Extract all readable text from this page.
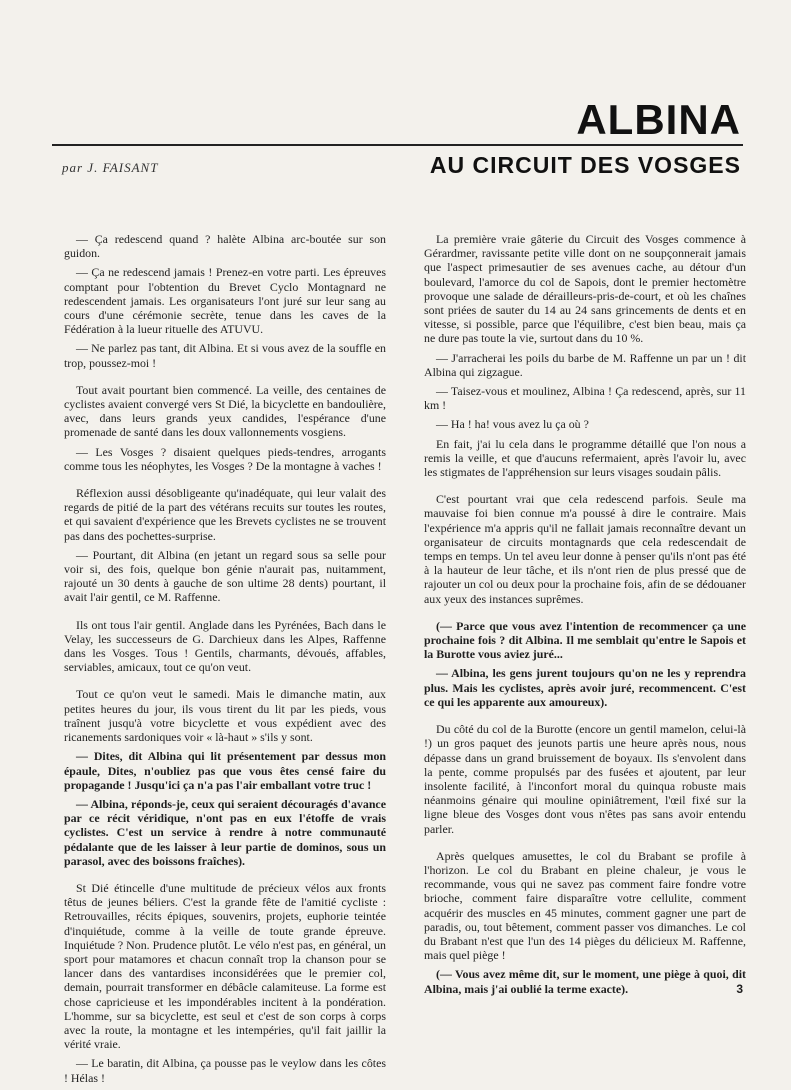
ALBINA
par J. FAISANT	AU CIRCUIT DES VOSGES

— Ça redescend quand ? halète Albina arc-boutée sur son guidon.

— Ça ne redescend jamais ! Prenez-en votre parti. Les épreuves comptant pour l'obtention du Brevet Cyclo Montagnard ne redescendent jamais. Les organisateurs l'ont juré sur leur sang au cours d'une cérémonie secrète, tenue dans les caves de la Fédération à la lueur rituelle des ATUVU.

— Ne parlez pas tant, dit Albina. Et si vous avez de la souffle en trop, poussez-moi !

Tout avait pourtant bien commencé. La veille, des centaines de cyclistes avaient convergé vers St Dié, la bicyclette en bandoulière, avec, dans leurs grands yeux candides, l'espérance d'une promenade de santé dans les doux vallonnements vosgiens.

— Les Vosges ? disaient quelques pieds-tendres, arrogants comme tous les néophytes, les Vosges ? De la montagne à vaches !

Réflexion aussi désobligeante qu'inadéquate, qui leur valait des regards de pitié de la part des vétérans recuits sur toutes les routes, et qui savaient d'expérience que les Brevets cyclistes ne se trouvent pas dans des pochettes-surprise.

— Pourtant, dit Albina (en jetant un regard sous sa selle pour voir si, des fois, quelque bon génie n'aurait pas, nuitamment, rajouté un 30 dents à gauche de son ultime 28 dents) pourtant, il avait l'air gentil, ce M. Raffenne.

Ils ont tous l'air gentil. Anglade dans les Pyrénées, Bach dans le Velay, les successeurs de G. Darchieux dans les Alpes, Raffenne dans les Vosges. Tous ! Gentils, charmants, dévoués, affables, serviables, amicaux, tout ce qu'on veut.

Tout ce qu'on veut le samedi. Mais le dimanche matin, aux petites heures du jour, ils vous tirent du lit par les pieds, vous traînent jusqu'à votre bicyclette et vous expédient avec des ricanements sardoniques voir « là-haut » s'ils y sont.

— Dites, dit Albina qui lit présentement par dessus mon épaule, Dites, n'oubliez pas que vous êtes censé faire du propagande ! Jusqu'ici ça n'a pas l'air emballant votre truc !

— Albina, réponds-je, ceux qui seraient découragés d'avance par ce récit véridique, n'ont pas en eux l'étoffe de vrais cyclistes. C'est un service à rendre à notre communauté pédalante que de les laisser à leur partie de dominos, sous un parasol, avec des boissons fraîches).

St Dié étincelle d'une multitude de précieux vélos aux fronts têtus de jeunes béliers. C'est la grande fête de l'amitié cycliste : Retrouvailles, récits épiques, souvenirs, projets, euphorie teintée d'inquiétude, comme à la veille de toute grande épreuve. Inquiétude ? Non. Prudence plutôt. Le vélo n'est pas, en général, un sport pour matamores et chacun connaît trop la chanson pour se lancer dans des vantardises inconsidérées que le premier col, demain, pourrait transformer en débâcle calamiteuse. La forme est chose capricieuse et les impondérables incitent à la pondération. L'homme, sur sa bicyclette, est seul et c'est de son corps à corps avec la route, la montagne et les intempéries, qu'il fait jaillir la vérité vraie.

— Le baratin, dit Albina, ça pousse pas le veylow dans les côtes ! Hélas !

La première vraie gâterie du Circuit des Vosges commence à Gérardmer, ravissante petite ville dont on ne soupçonnerait jamais que l'aspect primesautier de ses avenues cache, au détour d'un boulevard, l'amorce du col de Sapois, dont le premier hectomètre provoque une salade de dérailleurs-pris-de-court, et où les chaînes sont priées de sauter du 14 au 24 sans grincements de dents et en vitesse, si possible, parce que l'équilibre, c'est bien beau, mais ça ne dure pas toute la vie, surtout dans du 10 %.

— J'arracherai les poils du barbe de M. Raffenne un par un ! dit Albina qui zigzague.

— Taisez-vous et moulinez, Albina ! Ça redescend, après, sur 11 km !

— Ha ! ha! vous avez lu ça où ?

En fait, j'ai lu cela dans le programme détaillé que l'on nous a remis la veille, et que d'aucuns refermaient, après l'avoir lu, avec les stigmates de l'appréhension sur leurs visages soudain pâlis.

C'est pourtant vrai que cela redescend parfois. Seule ma mauvaise foi bien connue m'a poussé à dire le contraire. Mais l'expérience m'a appris qu'il ne fallait jamais reconnaître devant un organisateur de circuits montagnards que cela redescendait de temps en temps. Un tel aveu leur donne à penser qu'ils n'ont pas été à la hauteur de leur tâche, et ils n'ont rien de plus pressé que de rajouter un col ou deux pour la prochaine fois, afin de se dédouaner aux yeux des instances suprêmes.

(— Parce que vous avez l'intention de recommencer ça une prochaine fois ? dit Albina. Il me semblait qu'entre le Sapois et la Burotte vous aviez juré...

— Albina, les gens jurent toujours qu'on ne les y reprendra plus. Mais les cyclistes, après avoir juré, recommencent. C'est ce qui les apparente aux amoureux).

Du côté du col de la Burotte (encore un gentil mamelon, celui-là !) un gros paquet des jeunots partis une heure après nous, nous dépasse dans un grand bruissement de boyaux. Ils s'envolent dans la pente, comme propulsés par des fusées et ajoutent, par leur insolente facilité, à l'inconfort moral du quinqua robuste mais néanmoins génaire qui mouline opiniâtrement, l'œil fixé sur la ligne bleue des Vosges dont vous n'êtes pas sans avoir entendu parler.

Après quelques amusettes, le col du Brabant se profile à l'horizon. Le col du Brabant en pleine chaleur, je vous le recommande, vous qui ne savez pas comment faire fondre votre brioche, comment faire disparaître votre cellulite, comment acquérir des muscles en 45 minutes, comment gagner une part de paradis, ou, tout bêtement, comment passer vos dimanches. Le col du Brabant n'est que l'un des 14 pièges du délicieux M. Raffenne, mais quel piège !

(— Vous avez même dit, sur le moment, une piège à quoi, dit Albina, mais j'ai oublié la terme exacte).	3
